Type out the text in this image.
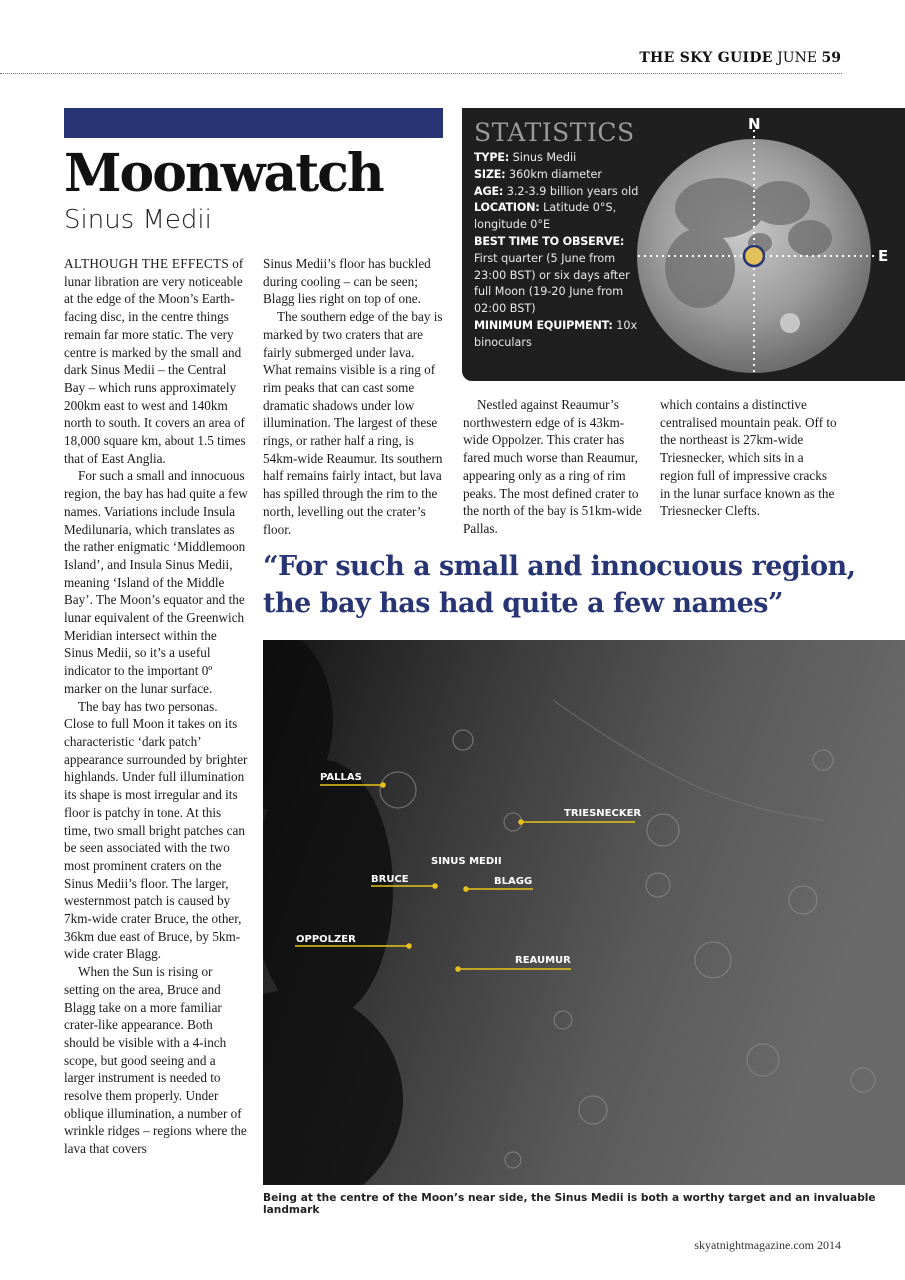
THE SKY GUIDE JUNE 59
Moonwatch
Sinus Medii

ALTHOUGH THE EFFECTS of lunar libration are very noticeable at the edge of the Moon’s Earth-facing disc, in the centre things remain far more static. The very centre is marked by the small and dark Sinus Medii – the Central Bay – which runs approximately 200km east to west and 140km north to south. It covers an area of 18,000 square km, about 1.5 times that of East Anglia.

For such a small and innocuous region, the bay has had quite a few names. Variations include Insula Medilunaria, which translates as the rather enigmatic ‘Middlemoon Island’, and Insula Sinus Medii, meaning ‘Island of the Middle Bay’. The Moon’s equator and the lunar equivalent of the Greenwich Meridian intersect within the Sinus Medii, so it’s a useful indicator to the important 0º marker on the lunar surface.

The bay has two personas. Close to full Moon it takes on its characteristic ‘dark patch’ appearance surrounded by brighter highlands. Under full illumination its shape is most irregular and its floor is patchy in tone. At this time, two small bright patches can be seen associated with the two most prominent craters on the Sinus Medii’s floor. The larger, westernmost patch is caused by 7km-wide crater Bruce, the other, 36km due east of Bruce, by 5km-wide crater Blagg.

When the Sun is rising or setting on the area, Bruce and Blagg take on a more familiar crater-like appearance. Both should be visible with a 4-inch scope, but good seeing and a larger instrument is needed to resolve them properly. Under oblique illumination, a number of wrinkle ridges – regions where the lava that covers

Sinus Medii’s floor has buckled during cooling – can be seen; Blagg lies right on top of one.

The southern edge of the bay is marked by two craters that are fairly submerged under lava. What remains visible is a ring of rim peaks that can cast some dramatic shadows under low illumination. The largest of these rings, or rather half a ring, is 54km-wide Reaumur. Its southern half remains fairly intact, but lava has spilled through the rim to the north, levelling out the crater’s floor.

Nestled against Reaumur’s northwestern edge of is 43km-wide Oppolzer. This crater has fared much worse than Reaumur, appearing only as a ring of rim peaks. The most defined crater to the north of the bay is 51km-wide Pallas.

which contains a distinctive centralised mountain peak. Off to the northeast is 27km-wide Triesnecker, which sits in a region full of impressive cracks in the lunar surface known as the Triesnecker Clefts.

N
E
STATISTICS
TYPE: Sinus Medii
SIZE: 360km diameter
AGE: 3.2-3.9 billion years old
LOCATION: Latitude 0°S, longitude 0°E
BEST TIME TO OBSERVE: First quarter (5 June from 23:00 BST) or six days after full Moon (19-20 June from 02:00 BST)
MINIMUM EQUIPMENT: 10x binoculars
“For such a small and innocuous region, the bay has had quite a few names”
PALLAS
TRIESNECKER
SINUS MEDII
BRUCE	BLAGG
OPPOLZER
REAUMUR
Being at the centre of the Moon’s near side, the Sinus Medii is both a worthy target and an invaluable landmark
skyatnightmagazine.com 2014
